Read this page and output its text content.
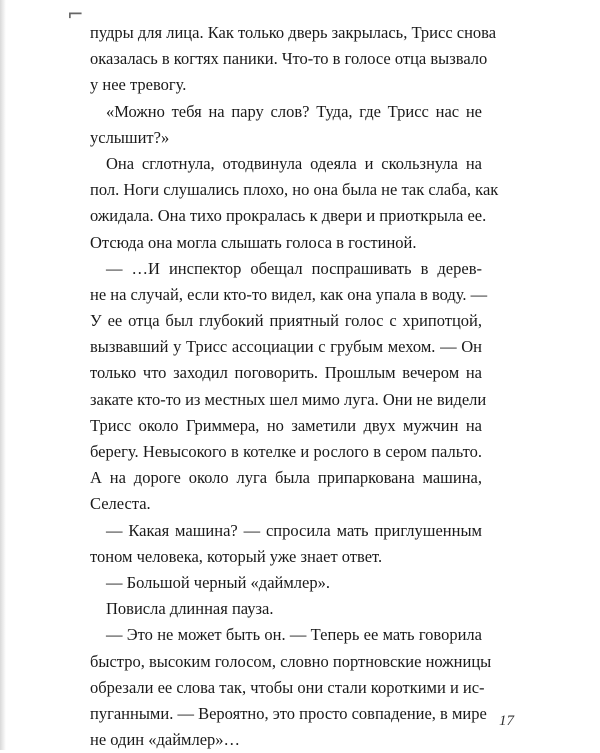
⌐
пудры для лица. Как только дверь закрылась, Трисс снова
оказалась в когтях паники. Что-то в голосе отца вызвало
у нее тревогу.
«Можно тебя на пару слов? Туда, где Трисс нас не
услышит?»
Она сглотнула, отодвинула одеяла и скользнула на
пол. Ноги слушались плохо, но она была не так слаба, как
ожидала. Она тихо прокралась к двери и приоткрыла ее.
Отсюда она могла слышать голоса в гостиной.
— …И инспектор обещал поспрашивать в дерев-
не на случай, если кто-то видел, как она упала в воду. —
У ее отца был глубокий приятный голос с хрипотцой,
вызвавший у Трисс ассоциации с грубым мехом. — Он
только что заходил поговорить. Прошлым вечером на
закате кто-то из местных шел мимо луга. Они не видели
Трисс около Гриммера, но заметили двух мужчин на
берегу. Невысокого в котелке и рослого в сером пальто.
А на дороге около луга была припаркована машина,
Селеста.
— Какая машина? — спросила мать приглушенным
тоном человека, который уже знает ответ.
— Большой черный «даймлер».
Повисла длинная пауза.
— Это не может быть он. — Теперь ее мать говорила
быстро, высоким голосом, словно портновские ножницы
обрезали ее слова так, чтобы они стали короткими и ис-
пуганными. — Вероятно, это просто совпадение, в мире
не один «даймлер»…
17
